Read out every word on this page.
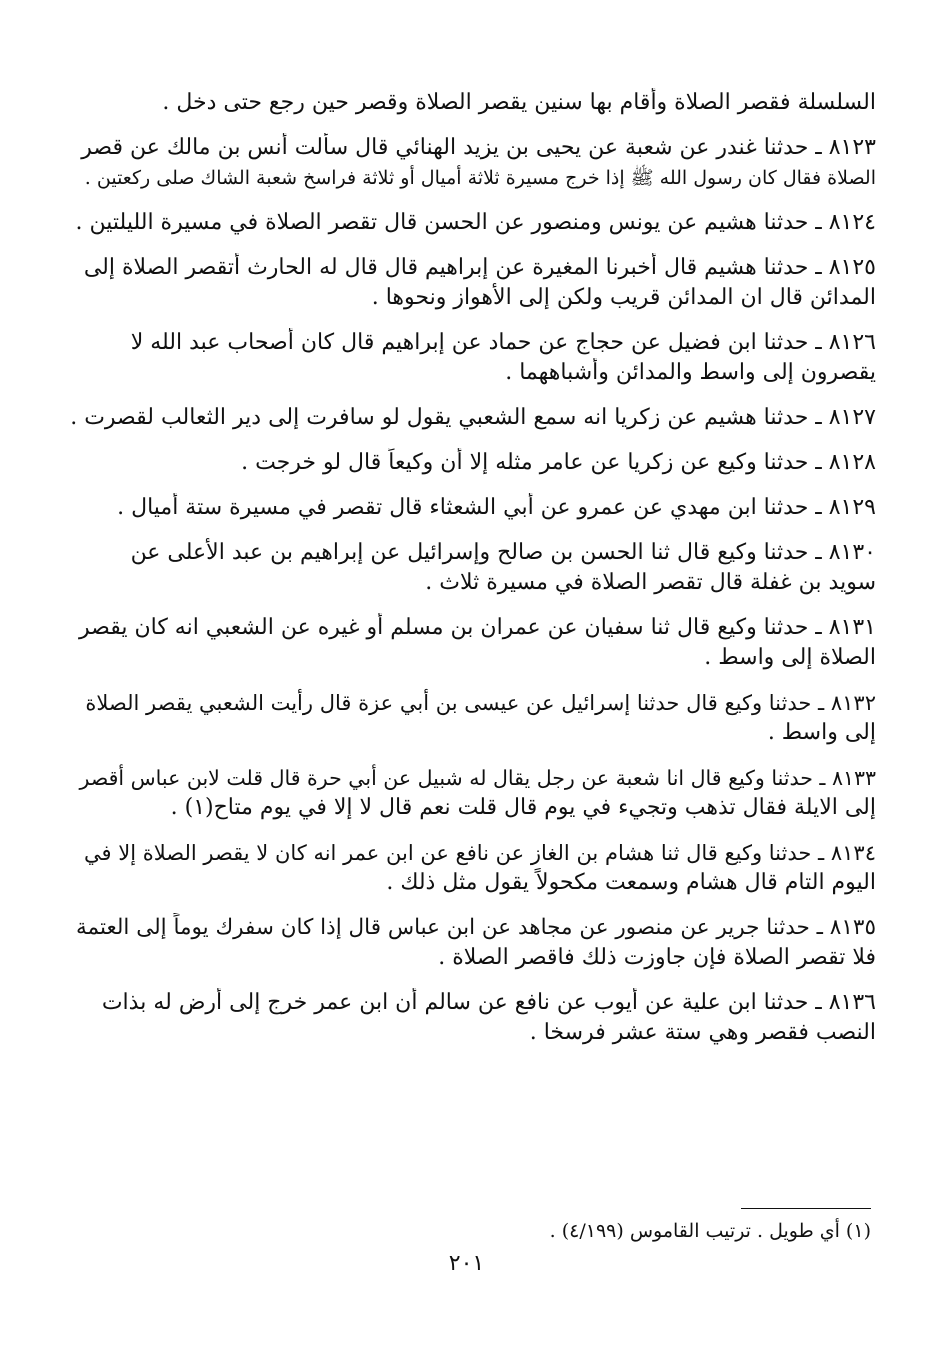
السلسلة فقصر الصلاة وأقام بها سنين يقصر الصلاة وقصر حين رجع حتى دخل .
٨١٢٣ ـ حدثنا غندر عن شعبة عن يحيى بن يزيد الهنائي قال سألت أنس بن مالك عن قصر
الصلاة فقال كان رسول الله ﷺ إذا خرج مسيرة ثلاثة أميال أو ثلاثة فراسخ شعبة الشاك صلى ركعتين .
٨١٢٤ ـ حدثنا هشيم عن يونس ومنصور عن الحسن قال تقصر الصلاة في مسيرة الليلتين .
٨١٢٥ ـ حدثنا هشيم قال أخبرنا المغيرة عن إبراهيم قال قال له الحارث أتقصر الصلاة إلى
المدائن قال ان المدائن قريب ولكن إلى الأهواز ونحوها .
٨١٢٦ ـ حدثنا ابن فضيل عن حجاج عن حماد عن إبراهيم قال كان أصحاب عبد الله لا
يقصرون إلى واسط والمدائن وأشباههما .
٨١٢٧ ـ حدثنا هشيم عن زكريا انه سمع الشعبي يقول لو سافرت إلى دير الثعالب لقصرت .
٨١٢٨ ـ حدثنا وكيع عن زكريا عن عامر مثله إلا أن وكيعاً قال لو خرجت .
٨١٢٩ ـ حدثنا ابن مهدي عن عمرو عن أبي الشعثاء قال تقصر في مسيرة ستة أميال .
٨١٣٠ ـ حدثنا وكيع قال ثنا الحسن بن صالح وإسرائيل عن إبراهيم بن عبد الأعلى عن
سويد بن غفلة قال تقصر الصلاة في مسيرة ثلاث .
٨١٣١ ـ حدثنا وكيع قال ثنا سفيان عن عمران بن مسلم أو غيره عن الشعبي انه كان يقصر
الصلاة إلى واسط .
٨١٣٢ ـ حدثنا وكيع قال حدثنا إسرائيل عن عيسى بن أبي عزة قال رأيت الشعبي يقصر الصلاة
إلى واسط .
٨١٣٣ ـ حدثنا وكيع قال انا شعبة عن رجل يقال له شبيل عن أبي حرة قال قلت لابن عباس أقصر
إلى الايلة فقال تذهب وتجيء في يوم قال قلت نعم قال لا إلا في يوم متاح(١) .
٨١٣٤ ـ حدثنا وكيع قال ثنا هشام بن الغاز عن نافع عن ابن عمر انه كان لا يقصر الصلاة إلا في
اليوم التام قال هشام وسمعت مكحولاً يقول مثل ذلك .
٨١٣٥ ـ حدثنا جرير عن منصور عن مجاهد عن ابن عباس قال إذا كان سفرك يوماً إلى العتمة
فلا تقصر الصلاة فإن جاوزت ذلك فاقصر الصلاة .
٨١٣٦ ـ حدثنا ابن علية عن أيوب عن نافع عن سالم أن ابن عمر خرج إلى أرض له بذات
النصب فقصر وهي ستة عشر فرسخا .
(١) أي طويل . ترتيب القاموس (٤/١٩٩) .
٢٠١
